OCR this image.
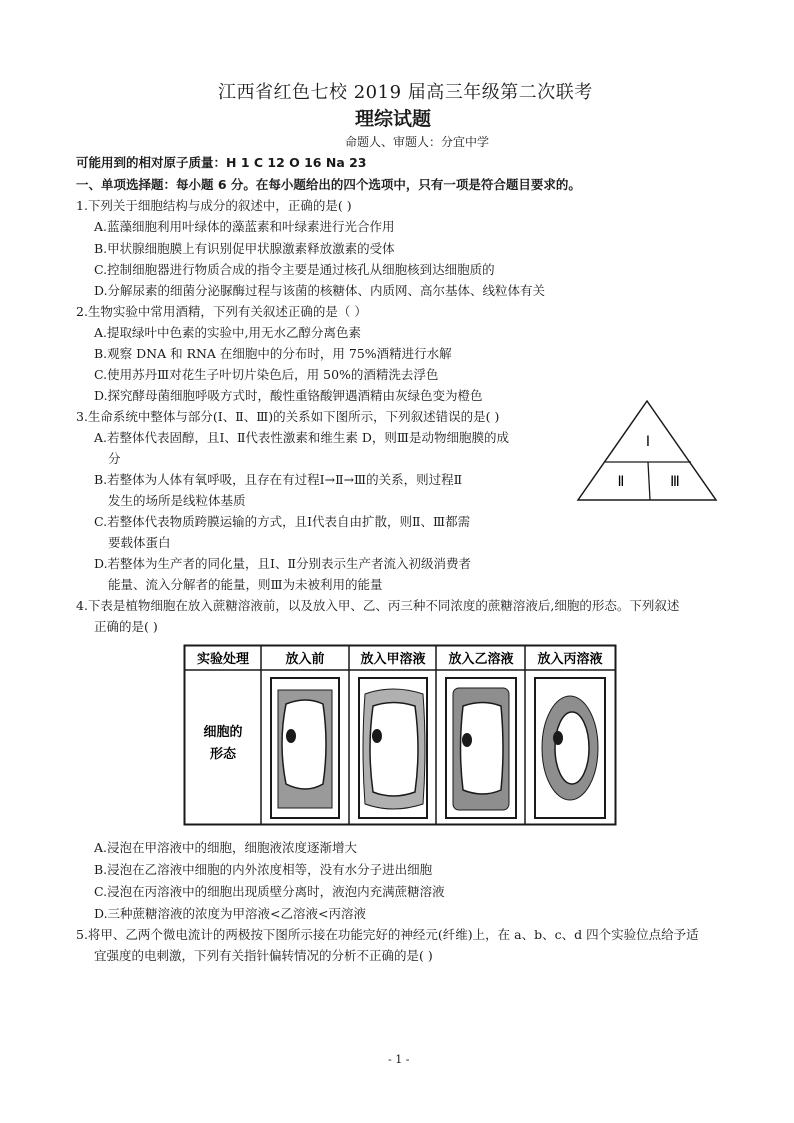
江西省红色七校 2019 届高三年级第二次联考
理综试题
命题人、审题人：分宜中学
可能用到的相对原子质量：H 1 C 12 O 16 Na 23
一、单项选择题：每小题 6 分。在每小题给出的四个选项中，只有一项是符合题目要求的。
1.下列关于细胞结构与成分的叙述中，正确的是( )
A.蓝藻细胞利用叶绿体的藻蓝素和叶绿素进行光合作用
B.甲状腺细胞膜上有识别促甲状腺激素释放激素的受体
C.控制细胞器进行物质合成的指令主要是通过核孔从细胞核到达细胞质的
D.分解尿素的细菌分泌脲酶过程与该菌的核糖体、内质网、高尔基体、线粒体有关
2.生物实验中常用酒精，下列有关叙述正确的是（ ）
A.提取绿叶中色素的实验中,用无水乙醇分离色素
B.观察 DNA 和 RNA 在细胞中的分布时，用 75%酒精进行水解
C.使用苏丹Ⅲ对花生子叶切片染色后，用 50%的酒精洗去浮色
D.探究酵母菌细胞呼吸方式时，酸性重铬酸钾遇酒精由灰绿色变为橙色
3.生命系统中整体与部分(Ⅰ、Ⅱ、Ⅲ)的关系如下图所示，下列叙述错误的是( )
A.若整体代表固醇，且Ⅰ、Ⅱ代表性激素和维生素 D，则Ⅲ是动物细胞膜的成
分
B.若整体为人体有氧呼吸，且存在有过程Ⅰ→Ⅱ→Ⅲ的关系，则过程Ⅱ
发生的场所是线粒体基质
C.若整体代表物质跨膜运输的方式，且Ⅰ代表自由扩散，则Ⅱ、Ⅲ都需
要载体蛋白
D.若整体为生产者的同化量，且Ⅰ、Ⅱ分别表示生产者流入初级消费者
能量、流入分解者的能量，则Ⅲ为未被利用的能量
Ⅰ
Ⅱ	Ⅲ
4.下表是植物细胞在放入蔗糖溶液前，以及放入甲、乙、丙三种不同浓度的蔗糖溶液后,细胞的形态。下列叙述
正确的是( )
实验处理	放入前	放入甲溶液 放入乙溶液 放入丙溶液
细胞的
形态
A.浸泡在甲溶液中的细胞，细胞液浓度逐渐增大
B.浸泡在乙溶液中细胞的内外浓度相等，没有水分子进出细胞
C.浸泡在丙溶液中的细胞出现质壁分离时，液泡内充满蔗糖溶液
D.三种蔗糖溶液的浓度为甲溶液<乙溶液<丙溶液
5.将甲、乙两个微电流计的两极按下图所示接在功能完好的神经元(纤维)上，在 a、b、c、d 四个实验位点给予适
宜强度的电刺激，下列有关指针偏转情况的分析不正确的是( )
- 1 -
